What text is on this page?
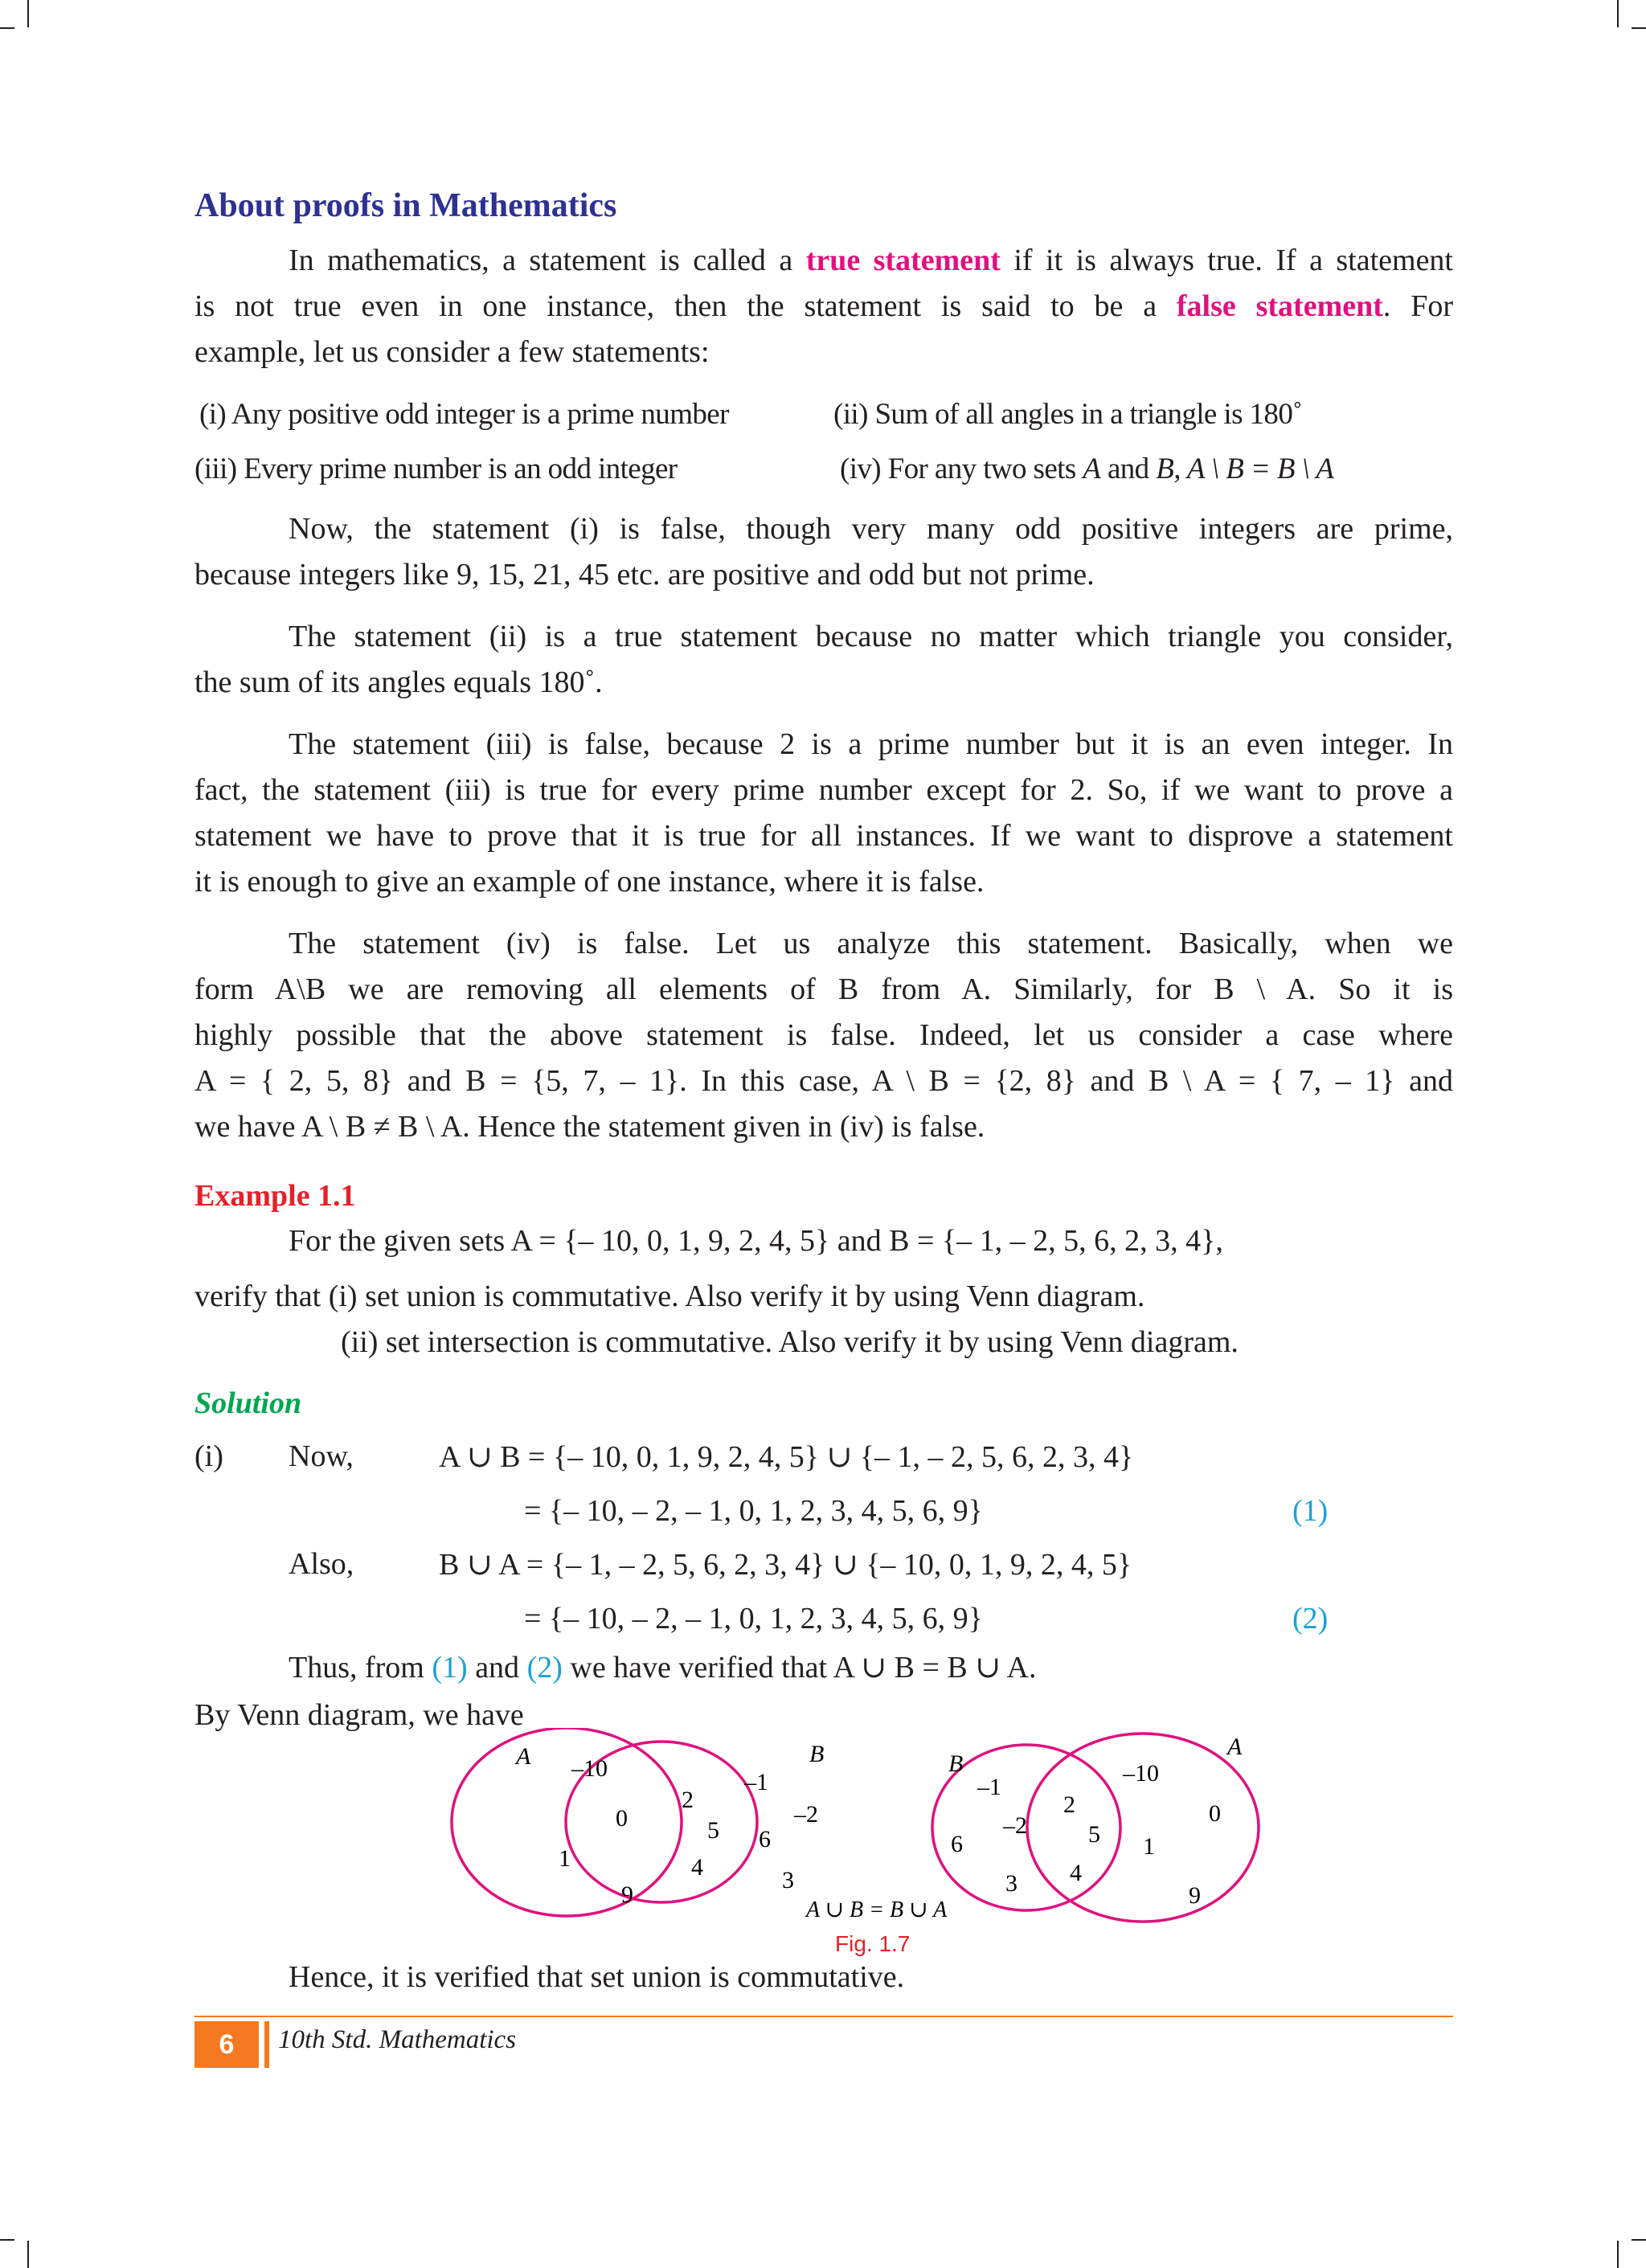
About proofs in Mathematics
In mathematics, a statement is called a true statement if it is always true. If a statement
is not true even in one instance, then the statement is said to be a false statement. For
example, let us consider a few statements:
(i) Any positive odd integer is a prime number	(ii) Sum of all angles in a triangle is 180˚
(iii) Every prime number is an odd integer	(iv) For any two sets A and B, A \ B = B \ A
Now, the statement (i) is false, though very many odd positive integers are prime,
because integers like 9, 15, 21, 45 etc. are positive and odd but not prime.
The statement (ii) is a true statement because no matter which triangle you consider,
the sum of its angles equals 180˚.
The statement (iii) is false, because 2 is a prime number but it is an even integer. In
fact, the statement (iii) is true for every prime number except for 2. So, if we want to prove a
statement we have to prove that it is true for all instances. If we want to disprove a statement
it is enough to give an example of one instance, where it is false.
The statement (iv) is false. Let us analyze this statement. Basically, when we
form A\B we are removing all elements of B from A. Similarly, for B \ A. So it is
highly possible that the above statement is false. Indeed, let us consider a case where
A = { 2, 5, 8} and B = {5, 7, – 1}. In this case, A \ B = {2, 8} and B \ A = { 7, – 1} and
we have A \ B ≠ B \ A. Hence the statement given in (iv) is false.
Example 1.1
For the given sets A = {– 10, 0, 1, 9, 2, 4, 5} and B = {– 1, – 2, 5, 6, 2, 3, 4},
verify that (i) set union is commutative. Also verify it by using Venn diagram.
(ii) set intersection is commutative. Also verify it by using Venn diagram.
Solution
(i) Now,	A ∪ B = {– 10, 0, 1, 9, 2, 4, 5} ∪ {– 1, – 2, 5, 6, 2, 3, 4}
= {– 10, – 2, – 1, 0, 1, 2, 3, 4, 5, 6, 9}	(1)
Also,	B ∪ A = {– 1, – 2, 5, 6, 2, 3, 4} ∪ {– 10, 0, 1, 9, 2, 4, 5}
= {– 10, – 2, – 1, 0, 1, 2, 3, 4, 5, 6, 9}	(2)
Thus, from (1) and (2) we have verified that A ∪ B = B ∪ A.
By Venn diagram, we have
A	B
–10
0
1
9
2
5
4
–1
–2
6
3
B
A
–1
–2
6
3
2
5
4
–10
0
1
9
A ∪ B = B ∪ A
Fig. 1.7
Hence, it is verified that set union is commutative.
6	10th Std. Mathematics
